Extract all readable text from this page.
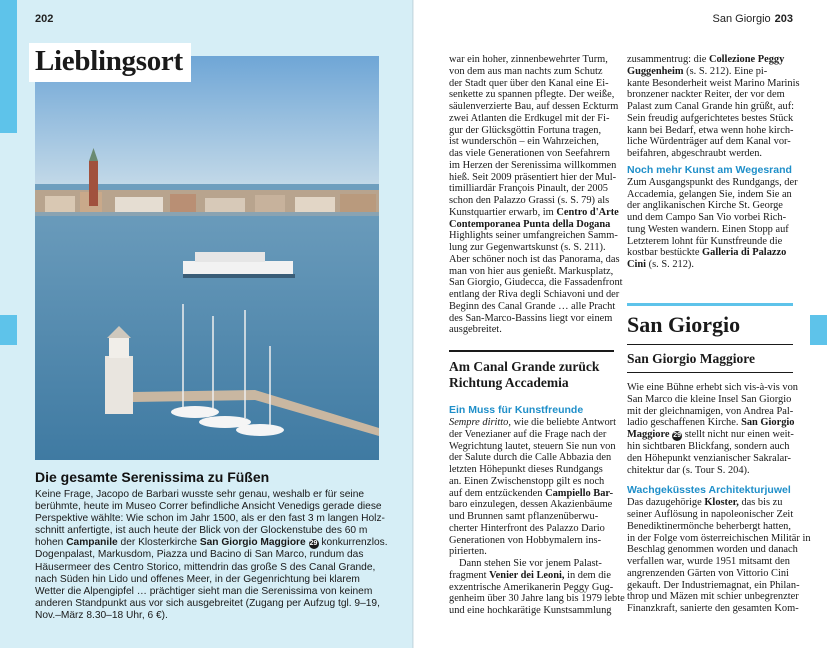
202	San Giorgio 203
Lieblingsort
Die gesamte Serenissima zu Füßen
Keine Frage, Jacopo de Barbari wusste sehr genau, weshalb er für seine
berühmte, heute im Museo Correr befindliche Ansicht Venedigs gerade diese
Perspektive wählte: Wie schon im Jahr 1500, als er den fast 3 m langen Holz-
schnitt anfertigte, ist auch heute der Blick von der Glockenstube des 60 m
hohen Campanile der Klosterkirche San Giorgio Maggiore 29 konkurrenzlos.
Dogenpalast, Markusdom, Piazza und Bacino di San Marco, rundum das
Häusermeer des Centro Storico, mittendrin das große S des Canal Grande,
nach Süden hin Lido und offenes Meer, in der Gegenrichtung bei klarem
Wetter die Alpengipfel … prächtiger sieht man die Serenissima von keinem
anderen Standpunkt aus vor sich ausgebreitet (Zugang per Aufzug tgl. 9–19,
Nov.–März 8.30–18 Uhr, 6 €).
war ein hoher, zinnenbewehrter Turm,
von dem aus man nachts zum Schutz
der Stadt quer über den Kanal eine Ei-
senkette zu spannen pflegte. Der weiße,
säulenverzierte Bau, auf dessen Eckturm
zwei Atlanten die Erdkugel mit der Fi-
gur der Glücksgöttin Fortuna tragen,
ist wunderschön – ein Wahrzeichen,
das viele Generationen von Seefahrern
im Herzen der Serenissima willkommen
hieß. Seit 2009 präsentiert hier der Mul-
timilliardär François Pinault, der 2005
schon den Palazzo Grassi (s. S. 79) als
Kunstquartier erwarb, im Centro d'Arte
Contemporanea Punta della Dogana
Highlights seiner umfangreichen Samm-
lung zur Gegenwartskunst (s. S. 211).
Aber schöner noch ist das Panorama, das
man von hier aus genießt. Markusplatz,
San Giorgio, Giudecca, die Fassadenfront
entlang der Riva degli Schiavoni und der
Beginn des Canal Grande … alle Pracht
des San-Marco-Bassins liegt vor einem
ausgebreitet.
Am Canal Grande zurück
Richtung Accademia
Ein Muss für Kunstfreunde
Sempre diritto, wie die beliebte Antwort
der Venezianer auf die Frage nach der
Wegrichtung lautet, steuern Sie nun von
der Salute durch die Calle Abbazia den
letzten Höhepunkt dieses Rundgangs
an. Einen Zwischenstopp gilt es noch
auf dem entzückenden Campiello Bar-
baro einzulegen, dessen Akazienbäume
und Brunnen samt pflanzenüberwu-
cherter Hinterfront des Palazzo Dario
Generationen von Hobbymalern ins-
pirierten.
Dann stehen Sie vor jenem Palast-
fragment Venier dei Leoni, in dem die
exzentrische Amerikanerin Peggy Gug-
genheim über 30 Jahre lang bis 1979 lebte
und eine hochkarätige Kunstsammlung
zusammentrug: die Collezione Peggy
Guggenheim (s. S. 212). Eine pi-
kante Besonderheit weist Marino Marinis
bronzener nackter Reiter, der vor dem
Palast zum Canal Grande hin grüßt, auf:
Sein freudig aufgerichtetes bestes Stück
kann bei Bedarf, etwa wenn hohe kirch-
liche Würdenträger auf dem Kanal vor-
beifahren, abgeschraubt werden.
Noch mehr Kunst am Wegesrand
Zum Ausgangspunkt des Rundgangs, der
Accademia, gelangen Sie, indem Sie an
der anglikanischen Kirche St. George
und dem Campo San Vio vorbei Rich-
tung Westen wandern. Einen Stopp auf
Letzterem lohnt für Kunstfreunde die
kostbar bestückte Galleria di Palazzo
Cini (s. S. 212).
San Giorgio
San Giorgio Maggiore
Wie eine Bühne erhebt sich vis-à-vis von
San Marco die kleine Insel San Giorgio
mit der gleichnamigen, von Andrea Pal-
ladio geschaffenen Kirche. San Giorgio
Maggiore 29 stellt nicht nur einen weit-
hin sichtbaren Blickfang, sondern auch
den Höhepunkt venzianischer Sakralar-
chitektur dar (s. Tour S. 204).
Wachgeküsstes Architekturjuwel
Das dazugehörige Kloster, das bis zu
seiner Auflösung in napoleonischer Zeit
Benediktinermönche beherbergt hatten,
in der Folge vom österreichischen Militär in
Beschlag genommen worden und danach
verfallen war, wurde 1951 mitsamt den
angrenzenden Gärten von Vittorio Cini
gekauft. Der Industriemagnat, ein Philan-
throp und Mäzen mit schier unbegrenzter
Finanzkraft, sanierte den gesamten Kom-
